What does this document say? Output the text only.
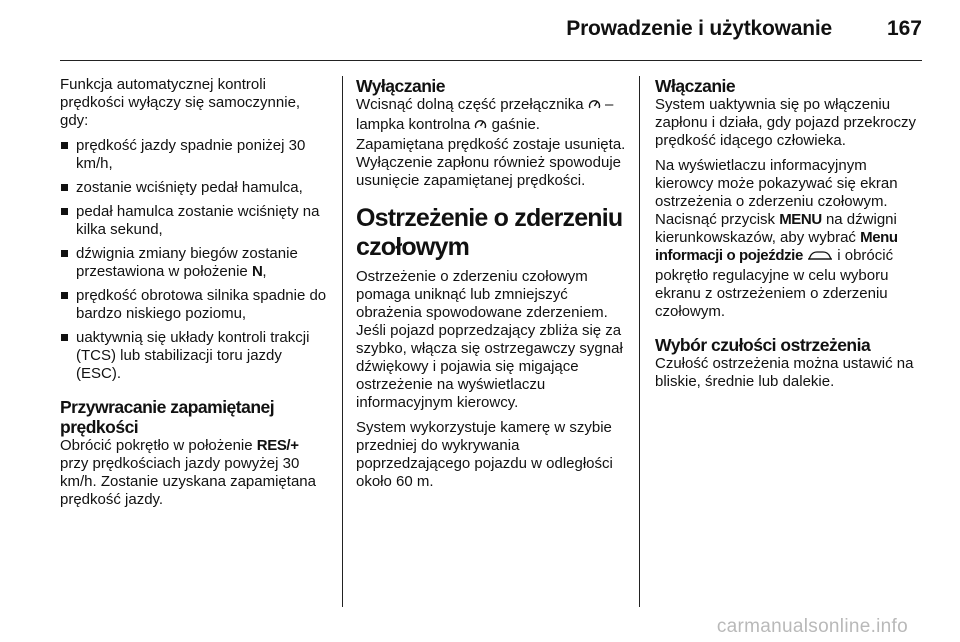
Prowadzenie i użytkowanie	167

Funkcja automatycznej kontroli prędkości wyłączy się samoczynnie, gdy:

prędkość jazdy spadnie poniżej 30 km/h,
zostanie wciśnięty pedał hamulca,
pedał hamulca zostanie wciśnięty na kilka sekund,
dźwignia zmiany biegów zostanie przestawiona w położenie N,
prędkość obrotowa silnika spadnie do bardzo niskiego poziomu,
uaktywnią się układy kontroli trakcji (TCS) lub stabilizacji toru jazdy (ESC).
Przywracanie zapamiętanej prędkości

Obrócić pokrętło w położenie RES/+ przy prędkościach jazdy powyżej 30 km/h. Zostanie uzyskana zapamiętana prędkość jazdy.

Wyłączanie

Wcisnąć dolną część przełącznika – lampka kontrolna gaśnie. Zapamiętana prędkość zostaje usunięta. Wyłączenie zapłonu również spowoduje usunięcie zapamiętanej prędkości.

Ostrzeżenie o zderzeniu czołowym

Ostrzeżenie o zderzeniu czołowym pomaga uniknąć lub zmniejszyć obrażenia spowodowane zderzeniem. Jeśli pojazd poprzedzający zbliża się za szybko, włącza się ostrzegawczy sygnał dźwiękowy i pojawia się migające ostrzeżenie na wyświetlaczu informacyjnym kierowcy.

System wykorzystuje kamerę w szybie przedniej do wykrywania poprzedzającego pojazdu w odległości około 60 m.

Włączanie

System uaktywnia się po włączeniu zapłonu i działa, gdy pojazd przekroczy prędkość idącego człowieka.

Na wyświetlaczu informacyjnym kierowcy może pokazywać się ekran ostrzeżenia o zderzeniu czołowym. Nacisnąć przycisk MENU na dźwigni kierunkowskazów, aby wybrać Menu informacji o pojeździe i obrócić pokrętło regulacyjne w celu wyboru ekranu z ostrzeżeniem o zderzeniu czołowym.

Wybór czułości ostrzeżenia

Czułość ostrzeżenia można ustawić na bliskie, średnie lub dalekie.

carmanualsonline.info
